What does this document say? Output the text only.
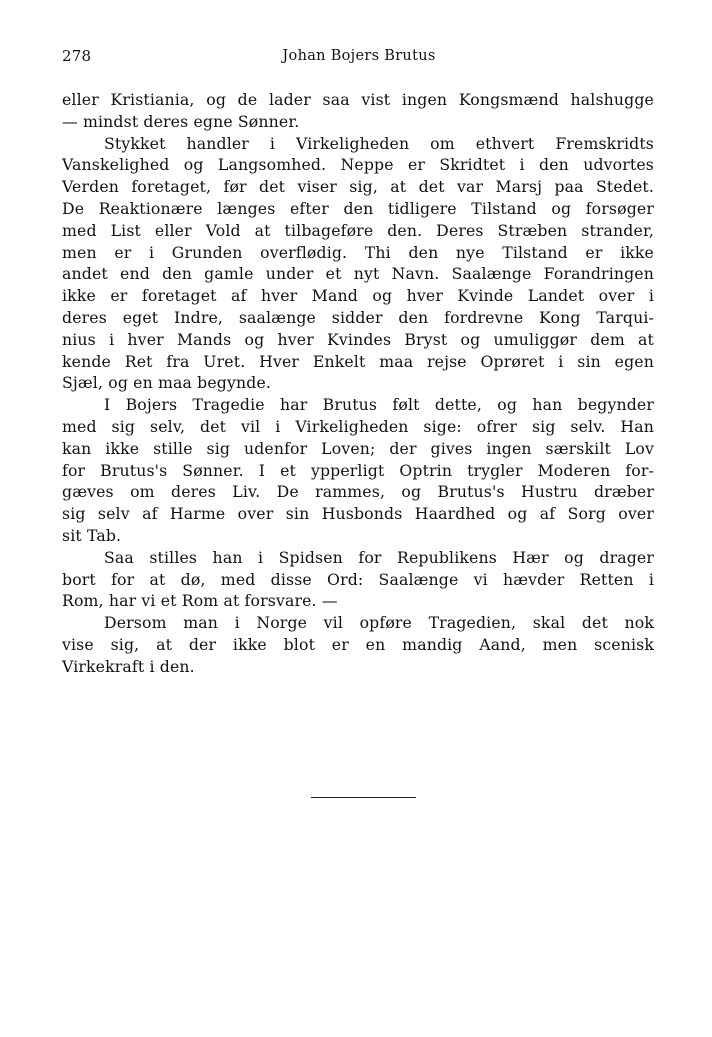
278	Johan Bojers Brutus
eller Kristiania, og de lader saa vist ingen Kongsmænd halshugge
— mindst deres egne Sønner.
Stykket handler i Virkeligheden om ethvert Fremskridts
Vanskelighed og Langsomhed. Neppe er Skridtet i den udvortes
Verden foretaget, før det viser sig, at det var Marsj paa Stedet.
De Reaktionære længes efter den tidligere Tilstand og forsøger
med List eller Vold at tilbageføre den. Deres Stræben strander,
men er i Grunden overflødig. Thi den nye Tilstand er ikke
andet end den gamle under et nyt Navn. Saalænge Forandringen
ikke er foretaget af hver Mand og hver Kvinde Landet over i
deres eget Indre, saalænge sidder den fordrevne Kong Tarqui-
nius i hver Mands og hver Kvindes Bryst og umuliggør dem at
kende Ret fra Uret. Hver Enkelt maa rejse Oprøret i sin egen
Sjæl, og en maa begynde.
I Bojers Tragedie har Brutus følt dette, og han begynder
med sig selv, det vil i Virkeligheden sige: ofrer sig selv. Han
kan ikke stille sig udenfor Loven; der gives ingen særskilt Lov
for Brutus's Sønner. I et ypperligt Optrin trygler Moderen for-
gæves om deres Liv. De rammes, og Brutus's Hustru dræber
sig selv af Harme over sin Husbonds Haardhed og af Sorg over
sit Tab.
Saa stilles han i Spidsen for Republikens Hær og drager
bort for at dø, med disse Ord: Saalænge vi hævder Retten i
Rom, har vi et Rom at forsvare. —
Dersom man i Norge vil opføre Tragedien, skal det nok
vise sig, at der ikke blot er en mandig Aand, men scenisk
Virkekraft i den.
